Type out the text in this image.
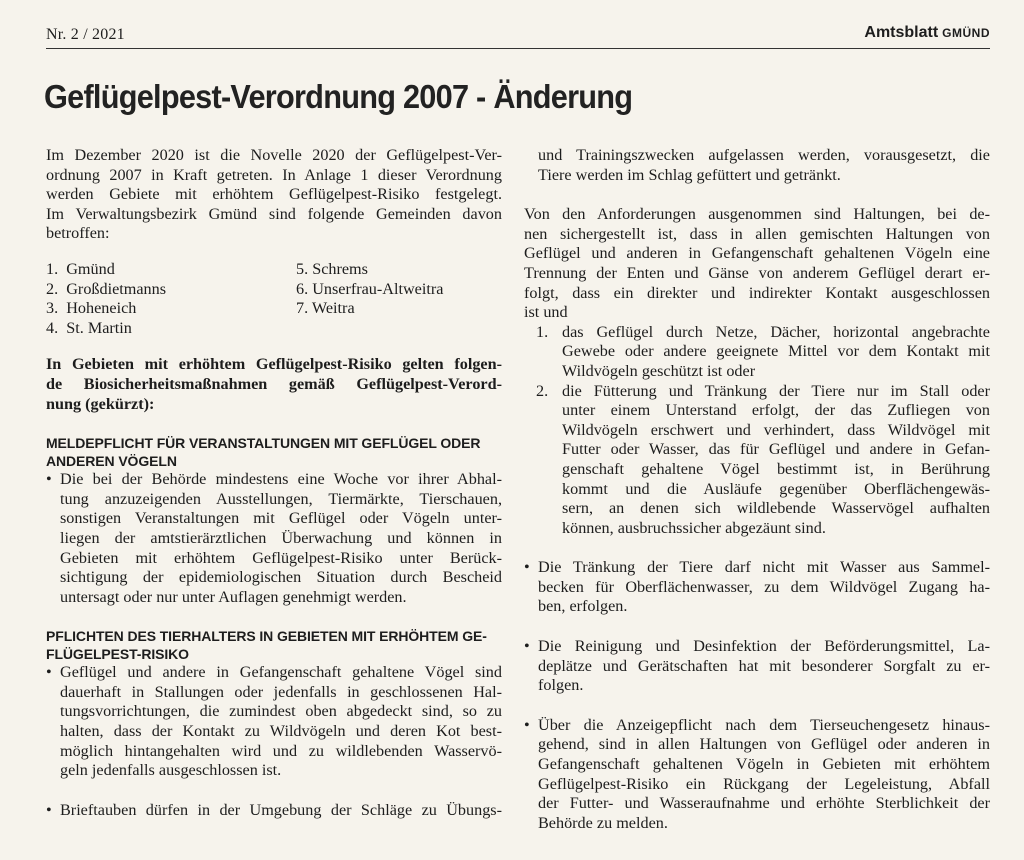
Nr. 2 / 2021	Amtsblatt GMÜND
Geflügelpest-Verordnung 2007 - Änderung

Im Dezember 2020 ist die Novelle 2020 der Geflügelpest-Ver-
ordnung 2007 in Kraft getreten. In Anlage 1 dieser Verordnung
werden Gebiete mit erhöhtem Geflügelpest-Risiko festgelegt.
Im Verwaltungsbezirk Gmünd sind folgende Gemeinden davon
betroffen:

1.  Gmünd
2.  Großdietmanns
3.  Hoheneich
4.  St. Martin
5. Schrems
6. Unserfrau-Altweitra
7. Weitra

In Gebieten mit erhöhtem Geflügelpest-Risiko gelten folgen-
de Biosicherheitsmaßnahmen gemäß Geflügelpest-Verord-
nung (gekürzt):

MELDEPFLICHT FÜR VERANSTALTUNGEN MIT GEFLÜGEL ODER
ANDEREN VÖGELN
• Die bei der Behörde mindestens eine Woche vor ihrer Abhal-
tung anzuzeigenden Ausstellungen, Tiermärkte, Tierschauen,
sonstigen Veranstaltungen mit Geflügel oder Vögeln unter-
liegen der amtstierärztlichen Überwachung und können in
Gebieten mit erhöhtem Geflügelpest-Risiko unter Berück-
sichtigung der epidemiologischen Situation durch Bescheid
untersagt oder nur unter Auflagen genehmigt werden.
PFLICHTEN DES TIERHALTERS IN GEBIETEN MIT ERHÖHTEM GE-
FLÜGELPEST-RISIKO
• Geflügel und andere in Gefangenschaft gehaltene Vögel sind
dauerhaft in Stallungen oder jedenfalls in geschlossenen Hal-
tungsvorrichtungen, die zumindest oben abgedeckt sind, so zu
halten, dass der Kontakt zu Wildvögeln und deren Kot best-
möglich hintangehalten wird und zu wildlebenden Wasservö-
geln jedenfalls ausgeschlossen ist.
• Brieftauben dürfen in der Umgebung der Schläge zu Übungs-
und Trainingszwecken aufgelassen werden, vorausgesetzt, die
Tiere werden im Schlag gefüttert und getränkt.

Von den Anforderungen ausgenommen sind Haltungen, bei de-
nen sichergestellt ist, dass in allen gemischten Haltungen von
Geflügel und anderen in Gefangenschaft gehaltenen Vögeln eine
Trennung der Enten und Gänse von anderem Geflügel derart er-
folgt, dass ein direkter und indirekter Kontakt ausgeschlossen
ist und

1. das Geflügel durch Netze, Dächer, horizontal angebrachte
Gewebe oder andere geeignete Mittel vor dem Kontakt mit
Wildvögeln geschützt ist oder
2. die Fütterung und Tränkung der Tiere nur im Stall oder
unter einem Unterstand erfolgt, der das Zufliegen von
Wildvögeln erschwert und verhindert, dass Wildvögel mit
Futter oder Wasser, das für Geflügel und andere in Gefan-
genschaft gehaltene Vögel bestimmt ist, in Berührung
kommt und die Ausläufe gegenüber Oberflächengewäs-
sern, an denen sich wildlebende Wasservögel aufhalten
können, ausbruchssicher abgezäunt sind.
• Die Tränkung der Tiere darf nicht mit Wasser aus Sammel-
becken für Oberflächenwasser, zu dem Wildvögel Zugang ha-
ben, erfolgen.
• Die Reinigung und Desinfektion der Beförderungsmittel, La-
deplätze und Gerätschaften hat mit besonderer Sorgfalt zu er-
folgen.
• Über die Anzeigepflicht nach dem Tierseuchengesetz hinaus-
gehend, sind in allen Haltungen von Geflügel oder anderen in
Gefangenschaft gehaltenen Vögeln in Gebieten mit erhöhtem
Geflügelpest-Risiko ein Rückgang der Legeleistung, Abfall
der Futter- und Wasseraufnahme und erhöhte Sterblichkeit der
Behörde zu melden.
